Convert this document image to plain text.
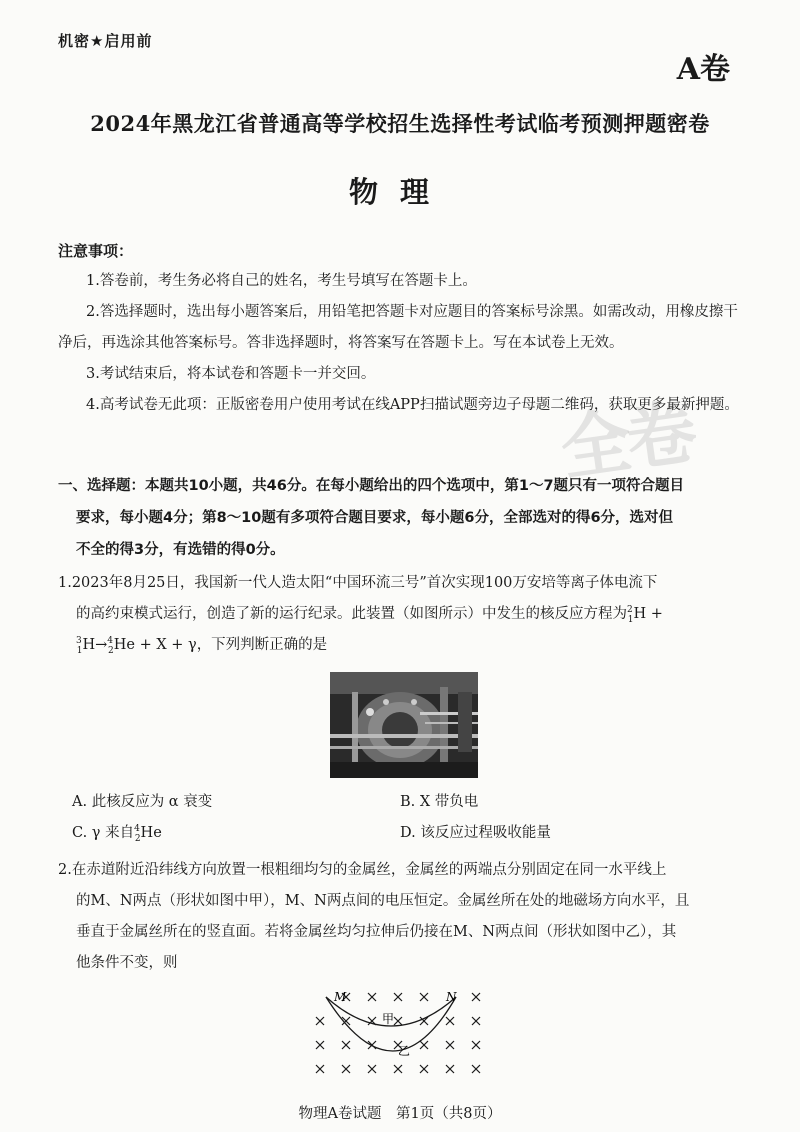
全卷
机密★启用前
A卷
2024年黑龙江省普通高等学校招生选择性考试临考预测押题密卷
物理
注意事项：
1.答卷前，考生务必将自己的姓名，考生号填写在答题卡上。
2.答选择题时，选出每小题答案后，用铅笔把答题卡对应题目的答案标号涂黑。如需改动，用橡皮擦干净后，再选涂其他答案标号。答非选择题时，将答案写在答题卡上。写在本试卷上无效。
3.考试结束后，将本试卷和答题卡一并交回。
4.高考试卷无此项：正版密卷用户使用考试在线APP扫描试题旁边子母题二维码，获取更多最新押题。
一、选择题：本题共10小题，共46分。在每小题给出的四个选项中，第1～7题只有一项符合题目
要求，每小题4分；第8～10题有多项符合题目要求，每小题6分，全部选对的得6分，选对但
不全的得3分，有选错的得0分。
1.2023年8月25日，我国新一代人造太阳“中国环流三号”首次实现100万安培等离子体电流下
的高约束模式运行，创造了新的运行纪录。此装置（如图所示）中发生的核反应方程为$^2_1$H +
$^3_1$H→$^4_2$He + X + γ，下列判断正确的是
A. 此核反应为 α 衰变	B. X 带负电
C. γ 来自$^4_2$He	D. 该反应过程吸收能量
2.在赤道附近沿纬线方向放置一根粗细均匀的金属丝，金属丝的两端点分别固定在同一水平线上
的M、N两点（形状如图中甲），M、N两点间的电压恒定。金属丝所在处的地磁场方向水平，且
垂直于金属丝所在的竖直面。若将金属丝均匀拉伸后仍接在M、N两点间（形状如图中乙），其
他条件不变，则
M	N
甲
乙
物理A卷试题　第1页（共8页）
